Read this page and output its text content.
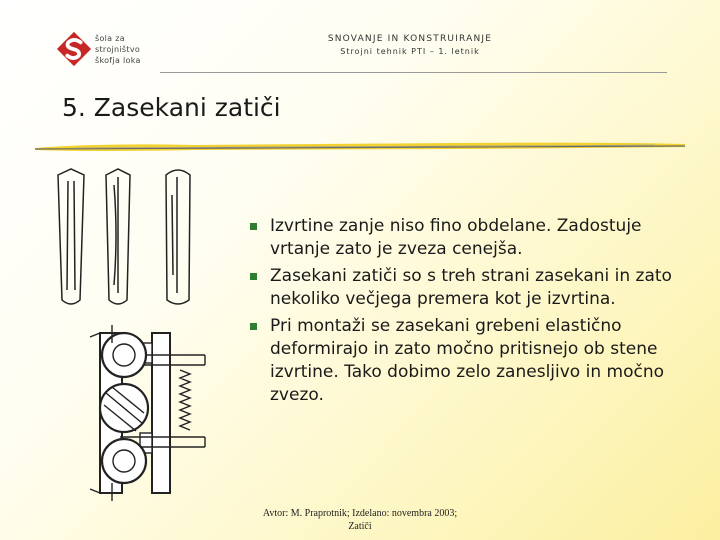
šola za
strojništvo
škofja loka
SNOVANJE IN KONSTRUIRANJE
Strojni tehnik PTI – 1. letnik
5. Zasekani zatiči
Izvrtine zanje niso fino obdelane. Zadostuje vrtanje zato je zveza cenejša.
Zasekani zatiči so s treh strani zasekani in zato nekoliko večjega premera kot je izvrtina.
Pri montaži se zasekani grebeni elastično deformirajo in zato močno pritisnejo ob stene izvrtine. Tako dobimo zelo zanesljivo in močno zvezo.
Avtor: M. Praprotnik; Izdelano: novembra 2003;
Zatiči
